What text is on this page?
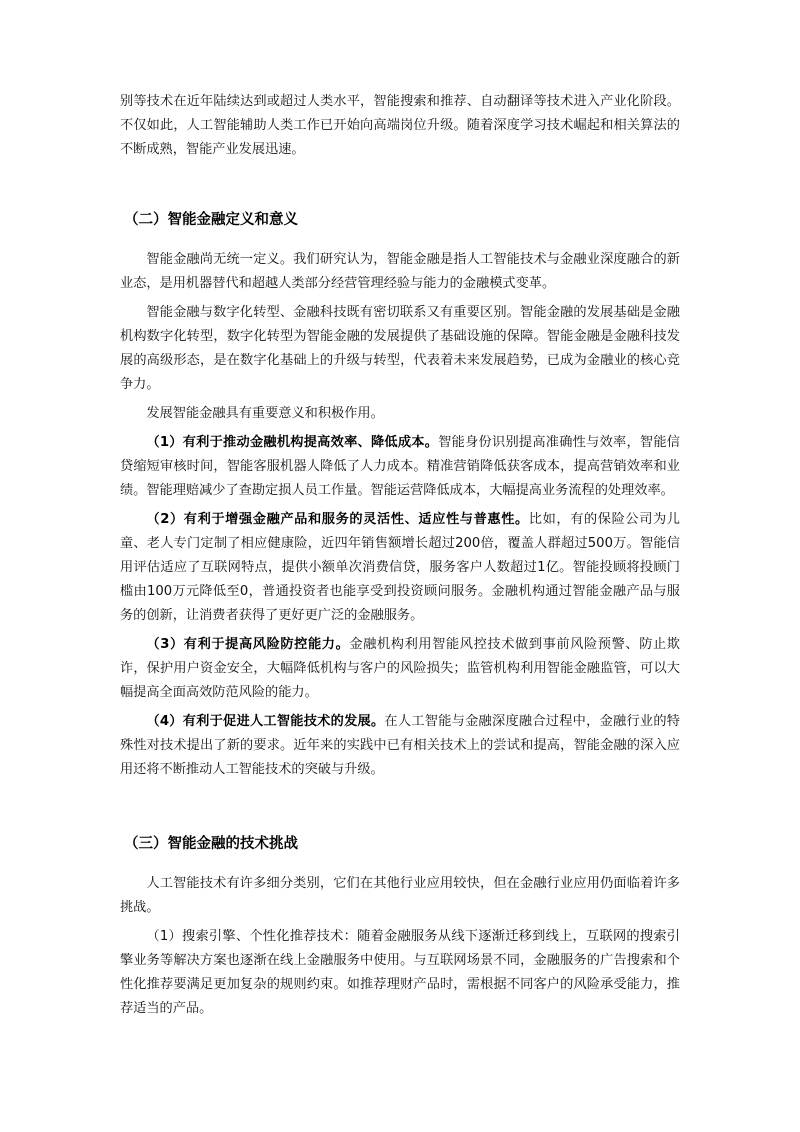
别等技术在近年陆续达到或超过人类水平，智能搜索和推荐、自动翻译等技术进入产业化阶段。不仅如此，人工智能辅助人类工作已开始向高端岗位升级。随着深度学习技术崛起和相关算法的不断成熟，智能产业发展迅速。

（二）智能金融定义和意义

智能金融尚无统一定义。我们研究认为，智能金融是指人工智能技术与金融业深度融合的新业态，是用机器替代和超越人类部分经营管理经验与能力的金融模式变革。

智能金融与数字化转型、金融科技既有密切联系又有重要区别。智能金融的发展基础是金融机构数字化转型，数字化转型为智能金融的发展提供了基础设施的保障。智能金融是金融科技发展的高级形态，是在数字化基础上的升级与转型，代表着未来发展趋势，已成为金融业的核心竞争力。

发展智能金融具有重要意义和积极作用。

（1）有利于推动金融机构提高效率、降低成本。智能身份识别提高准确性与效率，智能信贷缩短审核时间，智能客服机器人降低了人力成本。精准营销降低获客成本，提高营销效率和业绩。智能理赔减少了查勘定损人员工作量。智能运营降低成本，大幅提高业务流程的处理效率。

（2）有利于增强金融产品和服务的灵活性、适应性与普惠性。比如，有的保险公司为儿童、老人专门定制了相应健康险，近四年销售额增长超过200倍，覆盖人群超过500万。智能信用评估适应了互联网特点，提供小额单次消费信贷，服务客户人数超过1亿。智能投顾将投顾门槛由100万元降低至0，普通投资者也能享受到投资顾问服务。金融机构通过智能金融产品与服务的创新，让消费者获得了更好更广泛的金融服务。

（3）有利于提高风险防控能力。金融机构利用智能风控技术做到事前风险预警、防止欺诈，保护用户资金安全，大幅降低机构与客户的风险损失；监管机构利用智能金融监管，可以大幅提高全面高效防范风险的能力。

（4）有利于促进人工智能技术的发展。在人工智能与金融深度融合过程中，金融行业的特殊性对技术提出了新的要求。近年来的实践中已有相关技术上的尝试和提高，智能金融的深入应用还将不断推动人工智能技术的突破与升级。

（三）智能金融的技术挑战

人工智能技术有许多细分类别，它们在其他行业应用较快，但在金融行业应用仍面临着许多挑战。

（1）搜索引擎、个性化推荐技术：随着金融服务从线下逐渐迁移到线上，互联网的搜索引擎业务等解决方案也逐渐在线上金融服务中使用。与互联网场景不同，金融服务的广告搜索和个性化推荐要满足更加复杂的规则约束。如推荐理财产品时，需根据不同客户的风险承受能力，推荐适当的产品。
